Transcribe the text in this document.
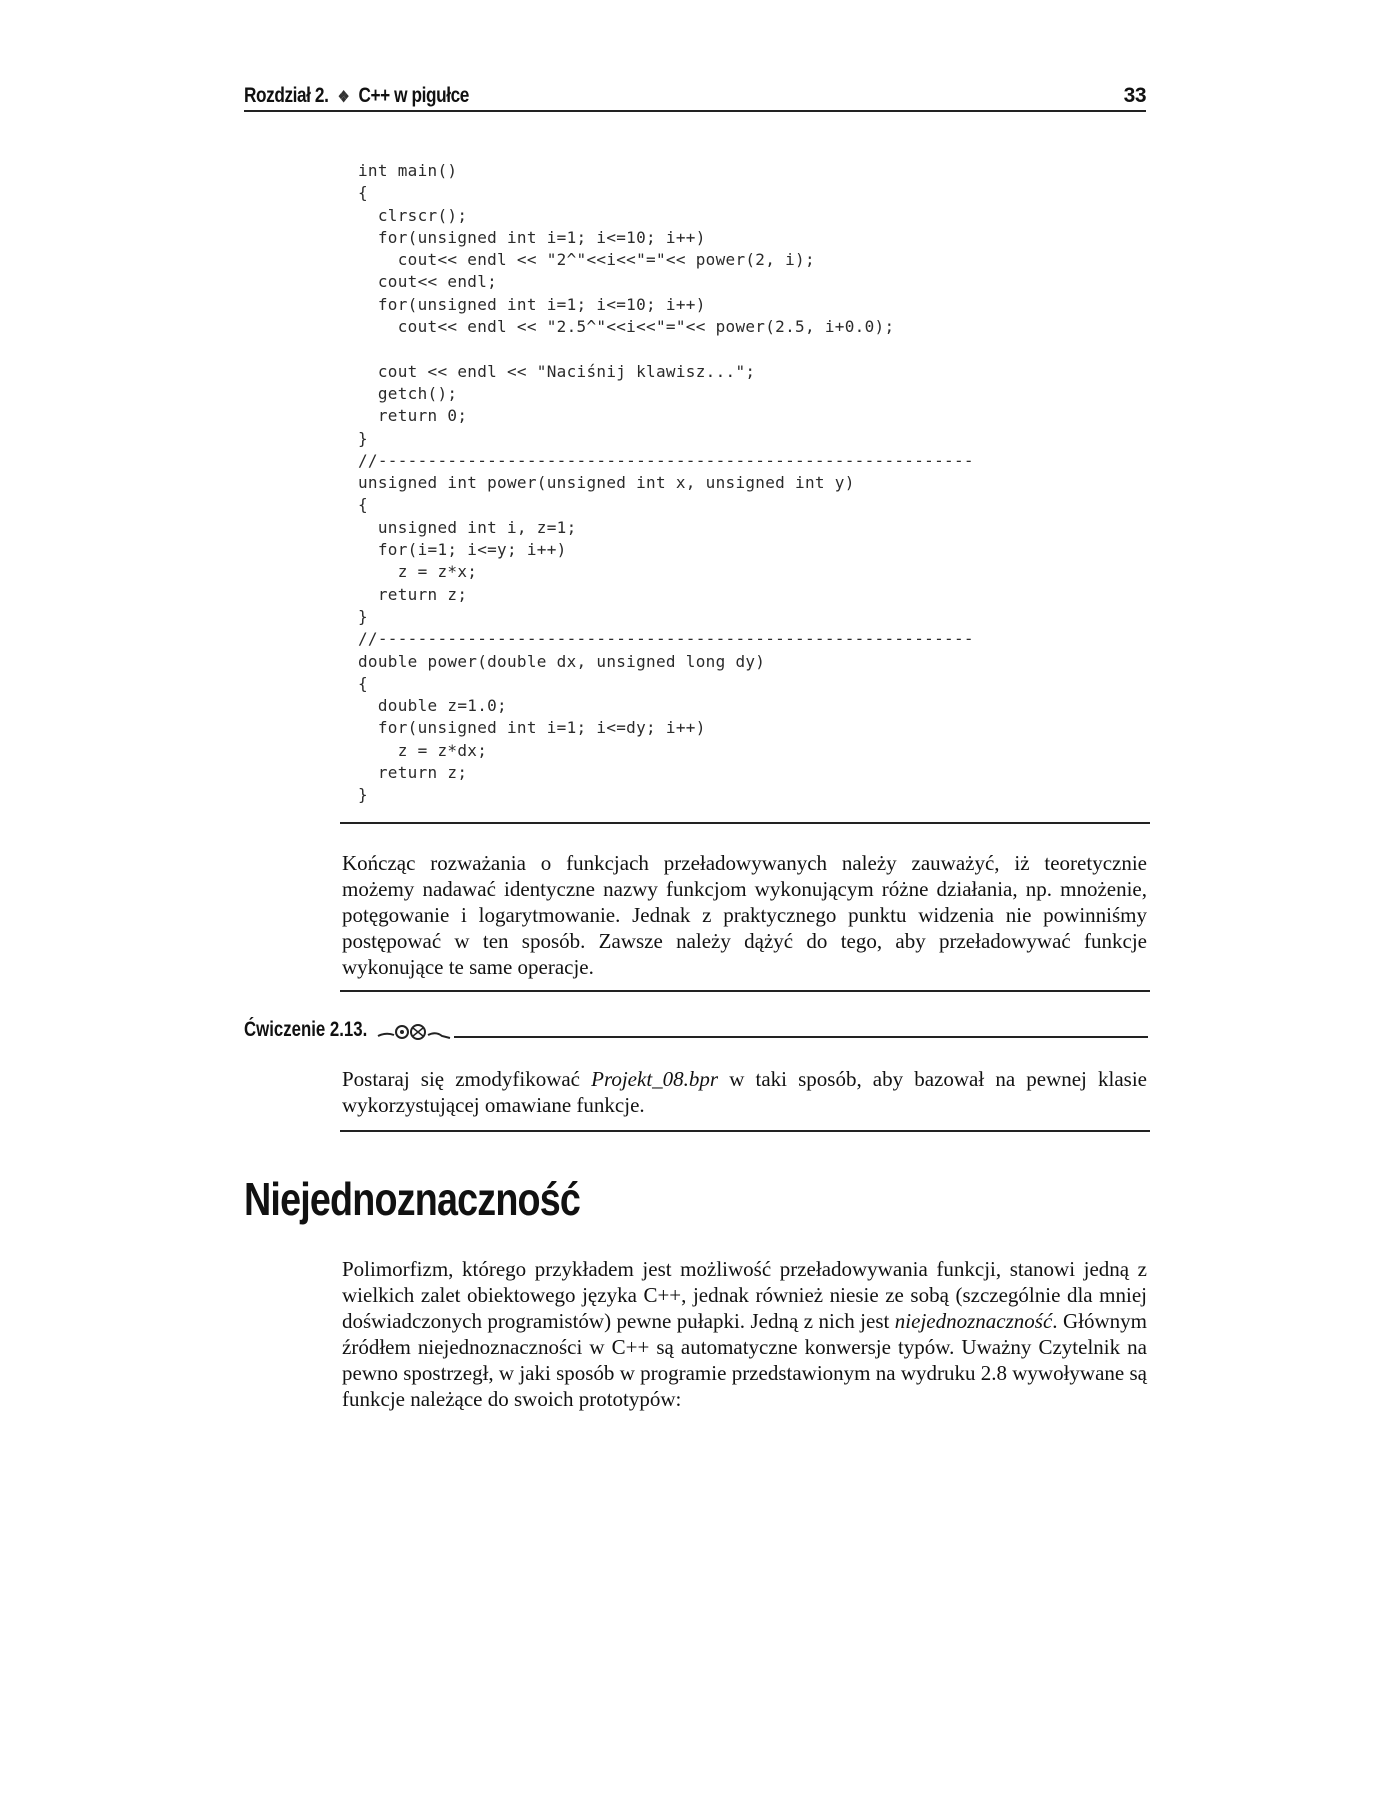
Rozdział 2. ❖ C++ w pigułce	33
int main()
{
clrscr();
for(unsigned int i=1; i<=10; i++)
cout<< endl << "2^"<<i<<"="<< power(2, i);
cout<< endl;
for(unsigned int i=1; i<=10; i++)
cout<< endl << "2.5^"<<i<<"="<< power(2.5, i+0.0);

cout << endl << "Naciśnij klawisz...";
getch();
return 0;
}
//------------------------------------------------------------
unsigned int power(unsigned int x, unsigned int y)
{
unsigned int i, z=1;
for(i=1; i<=y; i++)
z = z*x;
return z;
}
//------------------------------------------------------------
double power(double dx, unsigned long dy)
{
double z=1.0;
for(unsigned int i=1; i<=dy; i++)
z = z*dx;
return z;
}

Kończąc rozważania o funkcjach przeładowywanych należy zauważyć, iż teoretycznie możemy nadawać identyczne nazwy funkcjom wykonującym różne działania, np. mnożenie, potęgowanie i logarytmowanie. Jednak z praktycznego punktu widzenia nie powinniśmy postępować w ten sposób. Zawsze należy dążyć do tego, aby przeładowywać funkcje wykonujące te same operacje.

Ćwiczenie 2.13.

Postaraj się zmodyfikować Projekt_08.bpr w taki sposób, aby bazował na pewnej klasie wykorzystującej omawiane funkcje.

Niejednoznaczność

Polimorfizm, którego przykładem jest możliwość przeładowywania funkcji, stanowi jedną z wielkich zalet obiektowego języka C++, jednak również niesie ze sobą (szczególnie dla mniej doświadczonych programistów) pewne pułapki. Jedną z nich jest niejednoznaczność. Głównym źródłem niejednoznaczności w C++ są automatyczne konwersje typów. Uważny Czytelnik na pewno spostrzegł, w jaki sposób w programie przedstawionym na wydruku 2.8 wywoływane są funkcje należące do swoich prototypów:
